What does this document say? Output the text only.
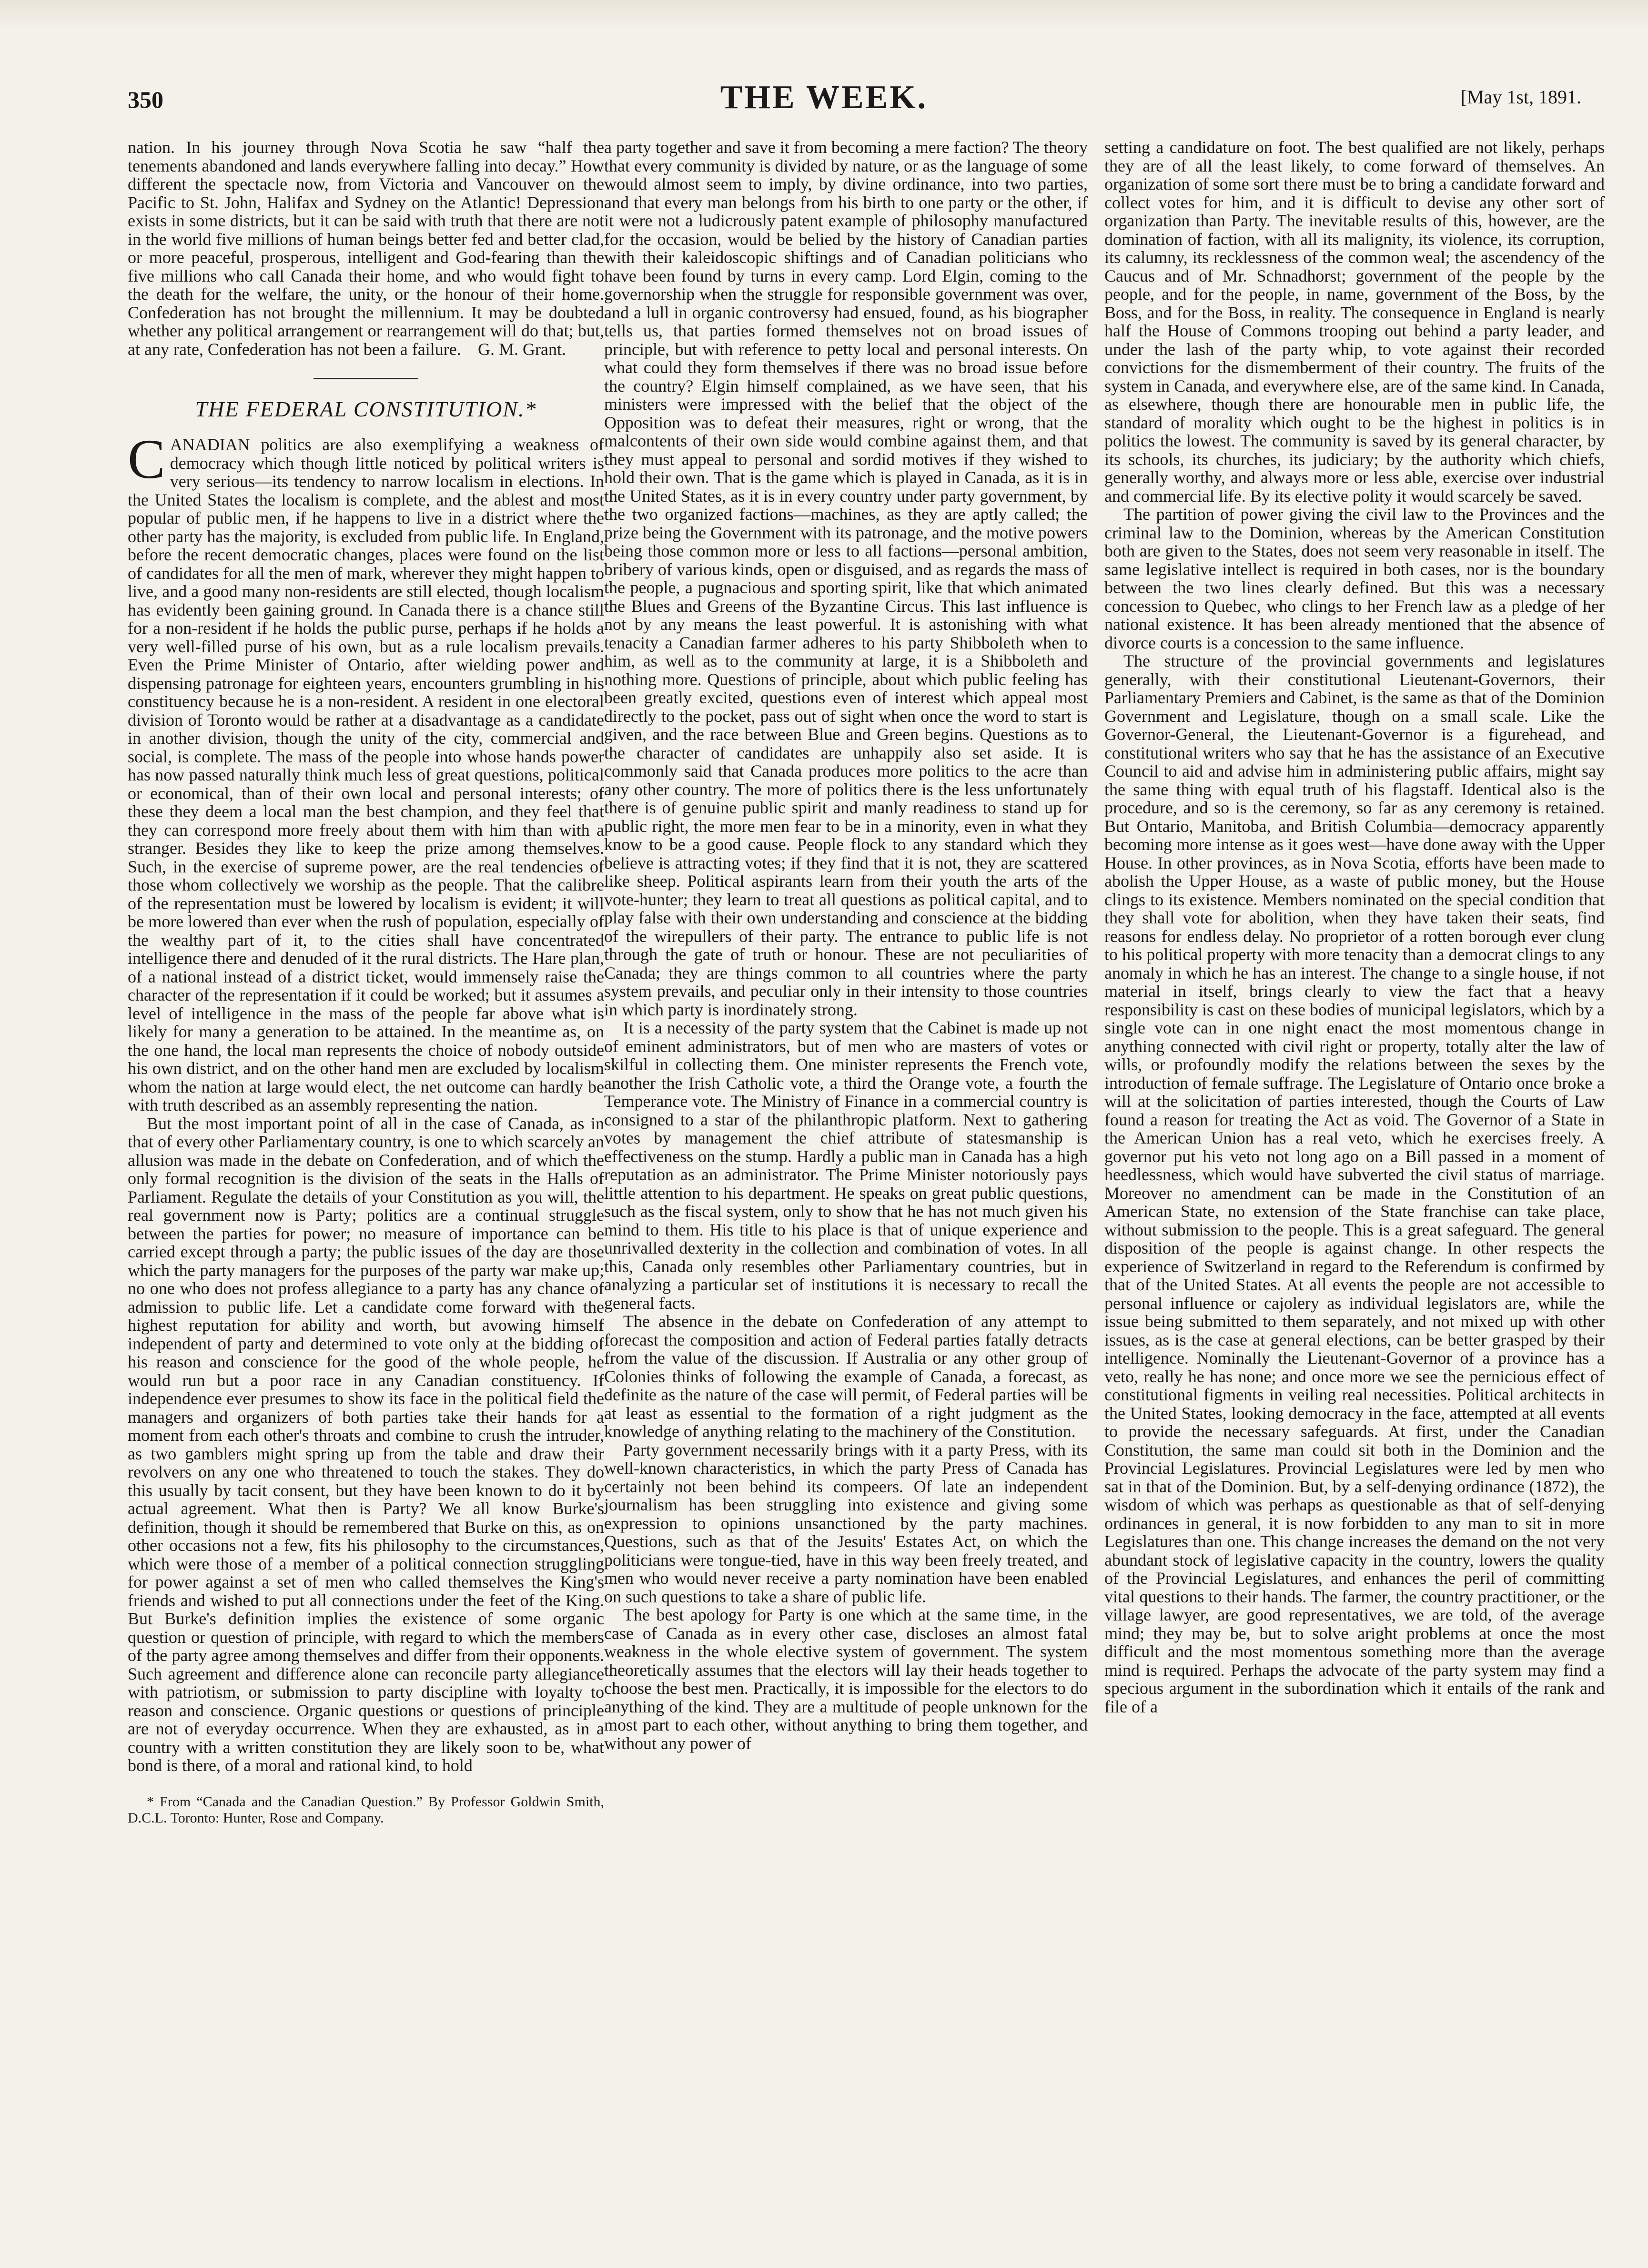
350	THE WEEK.	[May 1st, 1891.

nation. In his journey through Nova Scotia he saw “half the tenements abandoned and lands everywhere falling into decay.” How different the spectacle now, from Victoria and Vancouver on the Pacific to St. John, Halifax and Sydney on the Atlantic! Depression exists in some districts, but it can be said with truth that there are not in the world five millions of human beings better fed and better clad, or more peaceful, prosperous, intelligent and God-fearing than the five millions who call Canada their home, and who would fight to the death for the welfare, the unity, or the honour of their home. Confederation has not brought the millennium. It may be doubted whether any political arrangement or rearrangement will do that; but, at any rate, Confederation has not been a failure. G. M. Grant.
THE FEDERAL CONSTITUTION.*

CANADIAN politics are also exemplifying a weakness of democracy which though little noticed by political writers is very serious—its tendency to narrow localism in elections. In the United States the localism is complete, and the ablest and most popular of public men, if he happens to live in a district where the other party has the majority, is excluded from public life. In England, before the recent democratic changes, places were found on the list of candidates for all the men of mark, wherever they might happen to live, and a good many non-residents are still elected, though localism has evidently been gaining ground. In Canada there is a chance still for a non-resident if he holds the public purse, perhaps if he holds a very well-filled purse of his own, but as a rule localism prevails. Even the Prime Minister of Ontario, after wielding power and dispensing patronage for eighteen years, encounters grumbling in his constituency because he is a non-resident. A resident in one electoral division of Toronto would be rather at a disadvantage as a candidate in another division, though the unity of the city, commercial and social, is complete. The mass of the people into whose hands power has now passed naturally think much less of great questions, political or economical, than of their own local and personal interests; of these they deem a local man the best champion, and they feel that they can correspond more freely about them with him than with a stranger. Besides they like to keep the prize among themselves. Such, in the exercise of supreme power, are the real tendencies of those whom collectively we worship as the people. That the calibre of the representation must be lowered by localism is evident; it will be more lowered than ever when the rush of population, especially of the wealthy part of it, to the cities shall have concentrated intelligence there and denuded of it the rural districts. The Hare plan, of a national instead of a district ticket, would immensely raise the character of the representation if it could be worked; but it assumes a level of intelligence in the mass of the people far above what is likely for many a generation to be attained. In the meantime as, on the one hand, the local man represents the choice of nobody outside his own district, and on the other hand men are excluded by localism whom the nation at large would elect, the net outcome can hardly be with truth described as an assembly representing the nation.

But the most important point of all in the case of Canada, as in that of every other Parliamentary country, is one to which scarcely an allusion was made in the debate on Confederation, and of which the only formal recognition is the division of the seats in the Halls of Parliament. Regulate the details of your Constitution as you will, the real government now is Party; politics are a continual struggle between the parties for power; no measure of importance can be carried except through a party; the public issues of the day are those which the party managers for the purposes of the party war make up; no one who does not profess allegiance to a party has any chance of admission to public life. Let a candidate come forward with the highest reputation for ability and worth, but avowing himself independent of party and determined to vote only at the bidding of his reason and conscience for the good of the whole people, he would run but a poor race in any Canadian constituency. If independence ever presumes to show its face in the political field the managers and organizers of both parties take their hands for a moment from each other's throats and combine to crush the intruder, as two gamblers might spring up from the table and draw their revolvers on any one who threatened to touch the stakes. They do this usually by tacit consent, but they have been known to do it by actual agreement. What then is Party? We all know Burke's definition, though it should be remembered that Burke on this, as on other occasions not a few, fits his philosophy to the circumstances, which were those of a member of a political connection struggling for power against a set of men who called themselves the King's friends and wished to put all connections under the feet of the King. But Burke's definition implies the existence of some organic question or question of principle, with regard to which the members of the party agree among themselves and differ from their opponents. Such agreement and difference alone can reconcile party allegiance with patriotism, or submission to party discipline with loyalty to reason and conscience. Organic questions or questions of principle are not of everyday occurrence. When they are exhausted, as in a country with a written constitution they are likely soon to be, what bond is there, of a moral and rational kind, to hold

* From “Canada and the Canadian Question.” By Professor Goldwin Smith, D.C.L. Toronto: Hunter, Rose and Company.

a party together and save it from becoming a mere faction? The theory that every community is divided by nature, or as the language of some would almost seem to imply, by divine ordinance, into two parties, and that every man belongs from his birth to one party or the other, if it were not a ludicrously patent example of philosophy manufactured for the occasion, would be belied by the history of Canadian parties with their kaleidoscopic shiftings and of Canadian politicians who have been found by turns in every camp. Lord Elgin, coming to the governorship when the struggle for responsible government was over, and a lull in organic controversy had ensued, found, as his biographer tells us, that parties formed themselves not on broad issues of principle, but with reference to petty local and personal interests. On what could they form themselves if there was no broad issue before the country? Elgin himself complained, as we have seen, that his ministers were impressed with the belief that the object of the Opposition was to defeat their measures, right or wrong, that the malcontents of their own side would combine against them, and that they must appeal to personal and sordid motives if they wished to hold their own. That is the game which is played in Canada, as it is in the United States, as it is in every country under party government, by the two organized factions—machines, as they are aptly called; the prize being the Government with its patronage, and the motive powers being those common more or less to all factions—personal ambition, bribery of various kinds, open or disguised, and as regards the mass of the people, a pugnacious and sporting spirit, like that which animated the Blues and Greens of the Byzantine Circus. This last influence is not by any means the least powerful. It is astonishing with what tenacity a Canadian farmer adheres to his party Shibboleth when to him, as well as to the community at large, it is a Shibboleth and nothing more. Questions of principle, about which public feeling has been greatly excited, questions even of interest which appeal most directly to the pocket, pass out of sight when once the word to start is given, and the race between Blue and Green begins. Questions as to the character of candidates are unhappily also set aside. It is commonly said that Canada produces more politics to the acre than any other country. The more of politics there is the less unfortunately there is of genuine public spirit and manly readiness to stand up for public right, the more men fear to be in a minority, even in what they know to be a good cause. People flock to any standard which they believe is attracting votes; if they find that it is not, they are scattered like sheep. Political aspirants learn from their youth the arts of the vote-hunter; they learn to treat all questions as political capital, and to play false with their own understanding and conscience at the bidding of the wirepullers of their party. The entrance to public life is not through the gate of truth or honour. These are not peculiarities of Canada; they are things common to all countries where the party system prevails, and peculiar only in their intensity to those countries in which party is inordinately strong.

It is a necessity of the party system that the Cabinet is made up not of eminent administrators, but of men who are masters of votes or skilful in collecting them. One minister represents the French vote, another the Irish Catholic vote, a third the Orange vote, a fourth the Temperance vote. The Ministry of Finance in a commercial country is consigned to a star of the philanthropic platform. Next to gathering votes by management the chief attribute of statesmanship is effectiveness on the stump. Hardly a public man in Canada has a high reputation as an administrator. The Prime Minister notoriously pays little attention to his department. He speaks on great public questions, such as the fiscal system, only to show that he has not much given his mind to them. His title to his place is that of unique experience and unrivalled dexterity in the collection and combination of votes. In all this, Canada only resembles other Parliamentary countries, but in analyzing a particular set of institutions it is necessary to recall the general facts.

The absence in the debate on Confederation of any attempt to forecast the composition and action of Federal parties fatally detracts from the value of the discussion. If Australia or any other group of Colonies thinks of following the example of Canada, a forecast, as definite as the nature of the case will permit, of Federal parties will be at least as essential to the formation of a right judgment as the knowledge of anything relating to the machinery of the Constitution.

Party government necessarily brings with it a party Press, with its well-known characteristics, in which the party Press of Canada has certainly not been behind its compeers. Of late an independent journalism has been struggling into existence and giving some expression to opinions unsanctioned by the party machines. Questions, such as that of the Jesuits' Estates Act, on which the politicians were tongue-tied, have in this way been freely treated, and men who would never receive a party nomination have been enabled on such questions to take a share of public life.

The best apology for Party is one which at the same time, in the case of Canada as in every other case, discloses an almost fatal weakness in the whole elective system of government. The system theoretically assumes that the electors will lay their heads together to choose the best men. Practically, it is impossible for the electors to do anything of the kind. They are a multitude of people unknown for the most part to each other, without anything to bring them together, and without any power of

setting a candidature on foot. The best qualified are not likely, perhaps they are of all the least likely, to come forward of themselves. An organization of some sort there must be to bring a candidate forward and collect votes for him, and it is difficult to devise any other sort of organization than Party. The inevitable results of this, however, are the domination of faction, with all its malignity, its violence, its corruption, its calumny, its recklessness of the common weal; the ascendency of the Caucus and of Mr. Schnadhorst; government of the people by the people, and for the people, in name, government of the Boss, by the Boss, and for the Boss, in reality. The consequence in England is nearly half the House of Commons trooping out behind a party leader, and under the lash of the party whip, to vote against their recorded convictions for the dismemberment of their country. The fruits of the system in Canada, and everywhere else, are of the same kind. In Canada, as elsewhere, though there are honourable men in public life, the standard of morality which ought to be the highest in politics is in politics the lowest. The community is saved by its general character, by its schools, its churches, its judiciary; by the authority which chiefs, generally worthy, and always more or less able, exercise over industrial and commercial life. By its elective polity it would scarcely be saved.

The partition of power giving the civil law to the Provinces and the criminal law to the Dominion, whereas by the American Constitution both are given to the States, does not seem very reasonable in itself. The same legislative intellect is required in both cases, nor is the boundary between the two lines clearly defined. But this was a necessary concession to Quebec, who clings to her French law as a pledge of her national existence. It has been already mentioned that the absence of divorce courts is a concession to the same influence.

The structure of the provincial governments and legislatures generally, with their constitutional Lieutenant-Governors, their Parliamentary Premiers and Cabinet, is the same as that of the Dominion Government and Legislature, though on a small scale. Like the Governor-General, the Lieutenant-Governor is a figurehead, and constitutional writers who say that he has the assistance of an Executive Council to aid and advise him in administering public affairs, might say the same thing with equal truth of his flagstaff. Identical also is the procedure, and so is the ceremony, so far as any ceremony is retained. But Ontario, Manitoba, and British Columbia—democracy apparently becoming more intense as it goes west—have done away with the Upper House. In other provinces, as in Nova Scotia, efforts have been made to abolish the Upper House, as a waste of public money, but the House clings to its existence. Members nominated on the special condition that they shall vote for abolition, when they have taken their seats, find reasons for endless delay. No proprietor of a rotten borough ever clung to his political property with more tenacity than a democrat clings to any anomaly in which he has an interest. The change to a single house, if not material in itself, brings clearly to view the fact that a heavy responsibility is cast on these bodies of municipal legislators, which by a single vote can in one night enact the most momentous change in anything connected with civil right or property, totally alter the law of wills, or profoundly modify the relations between the sexes by the introduction of female suffrage. The Legislature of Ontario once broke a will at the solicitation of parties interested, though the Courts of Law found a reason for treating the Act as void. The Governor of a State in the American Union has a real veto, which he exercises freely. A governor put his veto not long ago on a Bill passed in a moment of heedlessness, which would have subverted the civil status of marriage. Moreover no amendment can be made in the Constitution of an American State, no extension of the State franchise can take place, without submission to the people. This is a great safeguard. The general disposition of the people is against change. In other respects the experience of Switzerland in regard to the Referendum is confirmed by that of the United States. At all events the people are not accessible to personal influence or cajolery as individual legislators are, while the issue being submitted to them separately, and not mixed up with other issues, as is the case at general elections, can be better grasped by their intelligence. Nominally the Lieutenant-Governor of a province has a veto, really he has none; and once more we see the pernicious effect of constitutional figments in veiling real necessities. Political architects in the United States, looking democracy in the face, attempted at all events to provide the necessary safeguards. At first, under the Canadian Constitution, the same man could sit both in the Dominion and the Provincial Legislatures. Provincial Legislatures were led by men who sat in that of the Dominion. But, by a self-denying ordinance (1872), the wisdom of which was perhaps as questionable as that of self-denying ordinances in general, it is now forbidden to any man to sit in more Legislatures than one. This change increases the demand on the not very abundant stock of legislative capacity in the country, lowers the quality of the Provincial Legislatures, and enhances the peril of committing vital questions to their hands. The farmer, the country practitioner, or the village lawyer, are good representatives, we are told, of the average mind; they may be, but to solve aright problems at once the most difficult and the most momentous something more than the average mind is required. Perhaps the advocate of the party system may find a specious argument in the subordination which it entails of the rank and file of a
